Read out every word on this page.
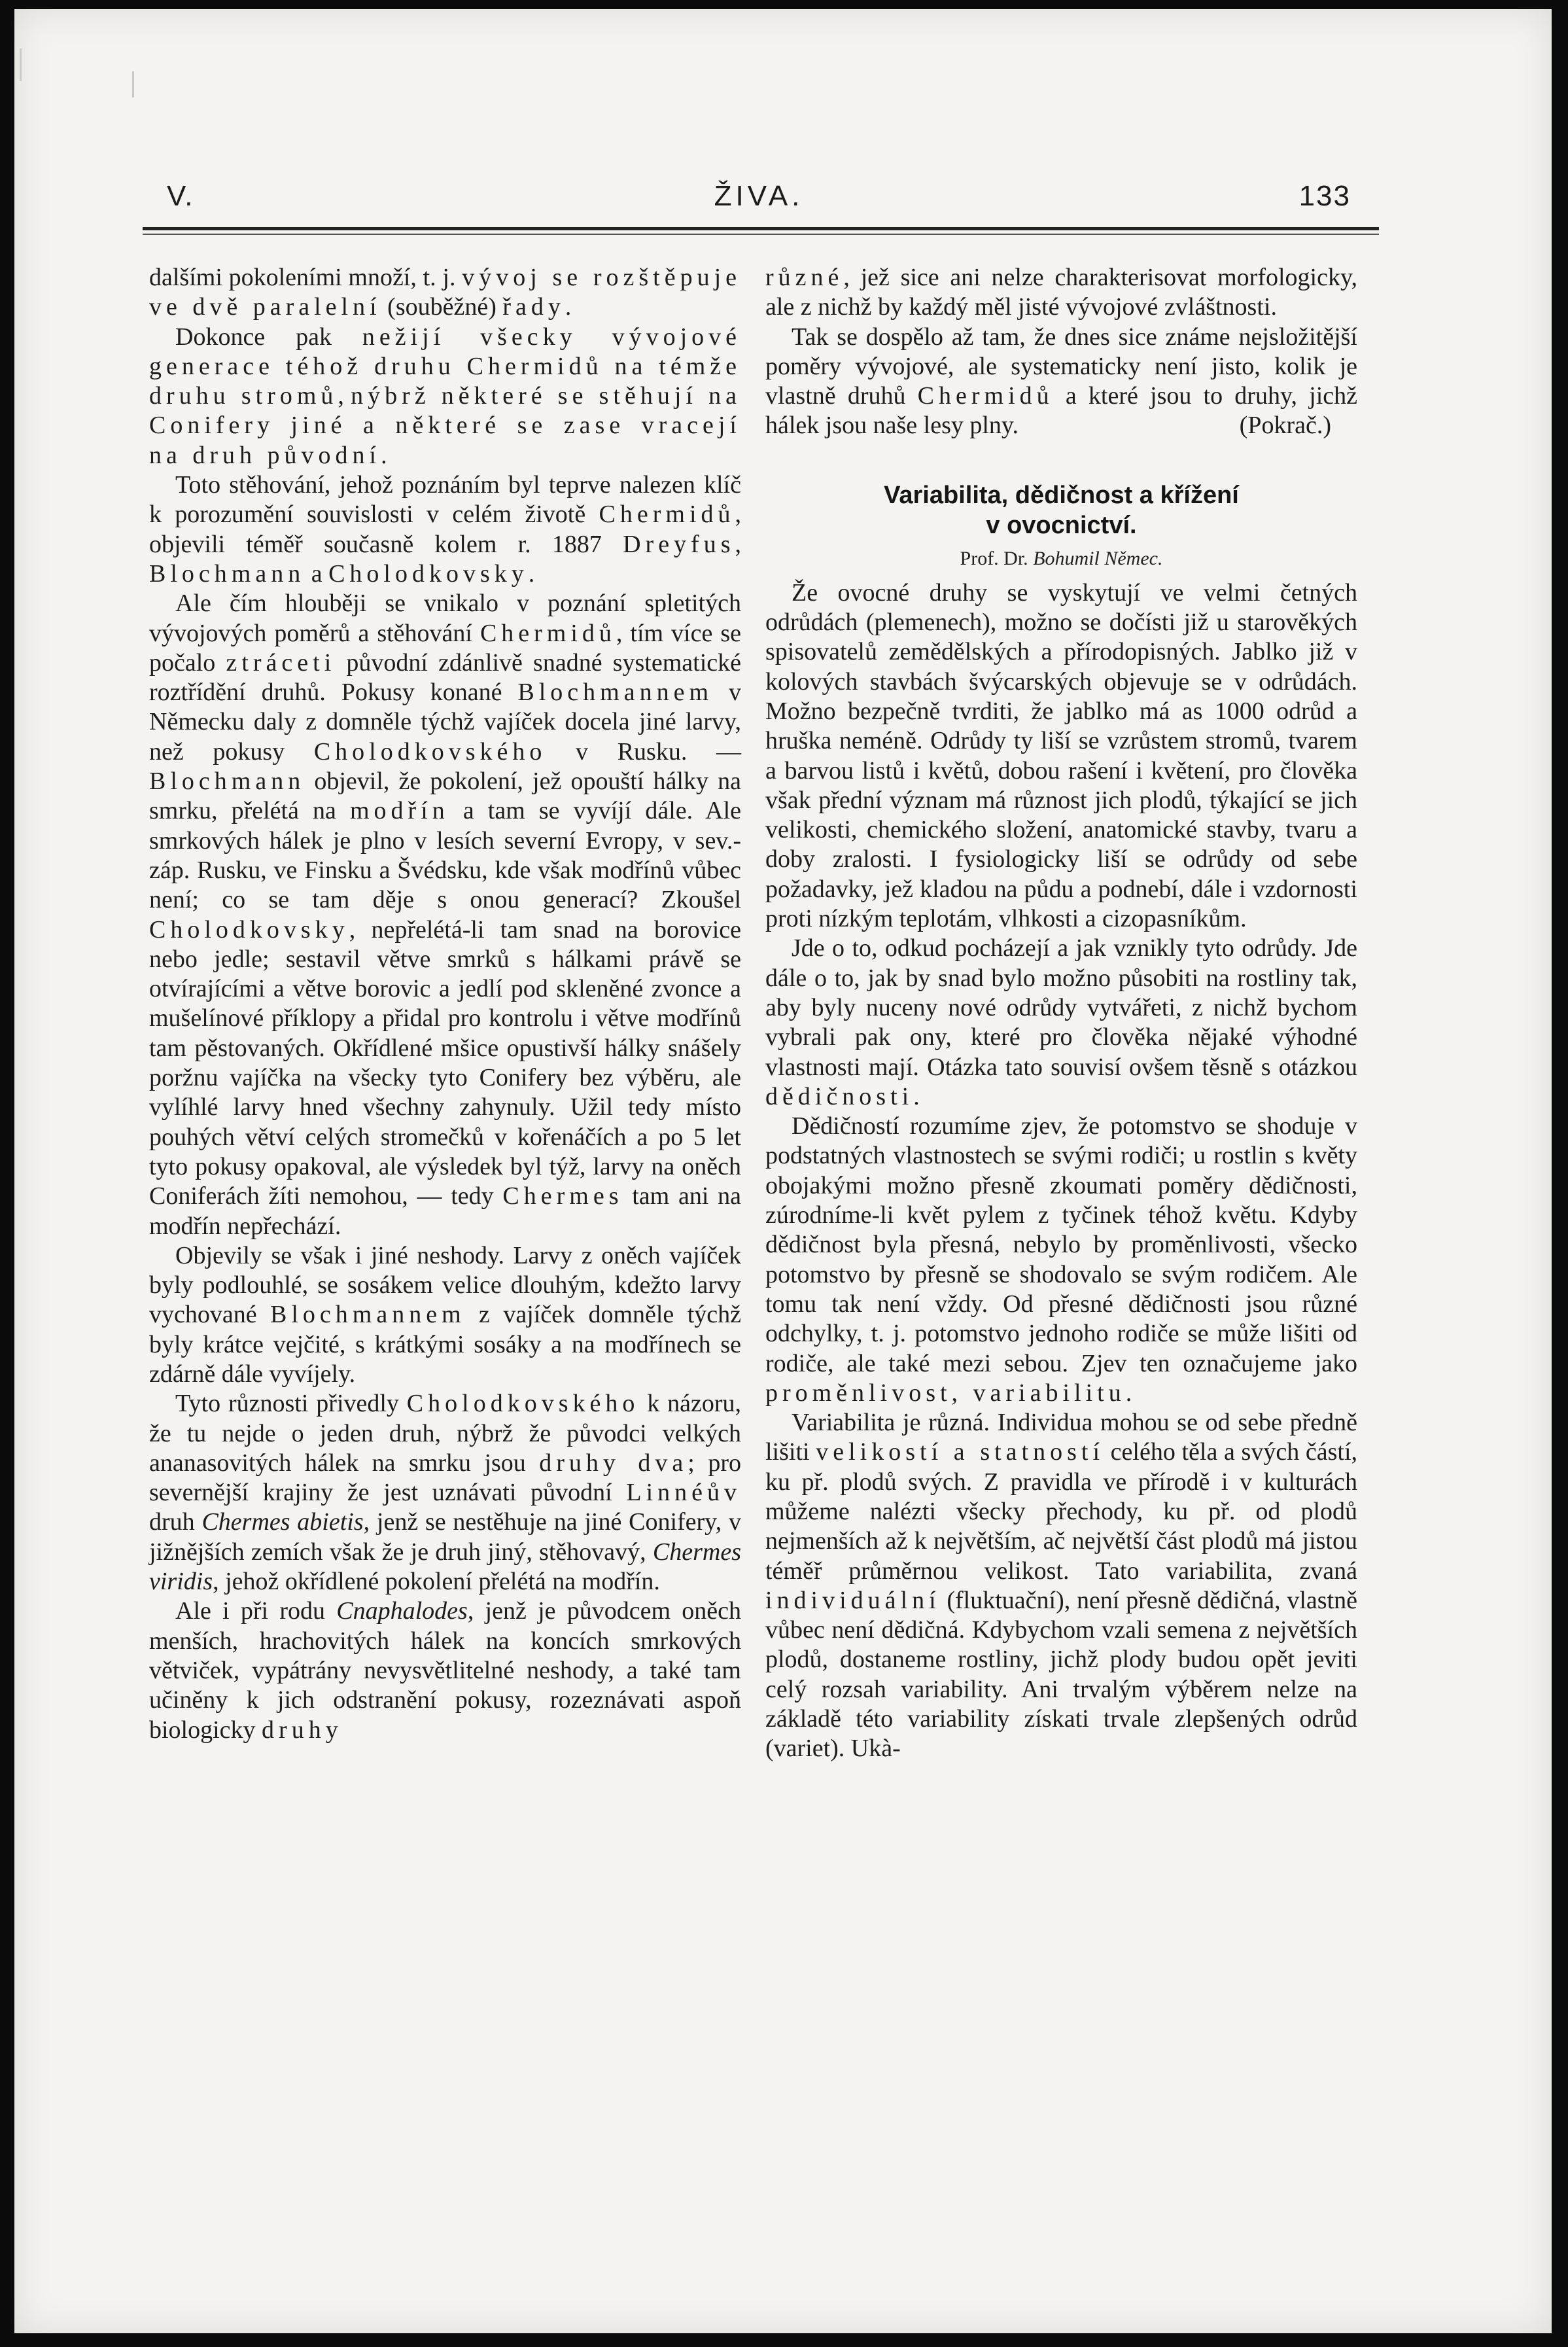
V.	ŽIVA.	133

dalšími pokoleními množí, t. j. vývoj se rozštěpuje ve dvě paralelní (souběžné) řady.

Dokonce pak nežijí všecky vývojové generace téhož druhu Chermidů na témže druhu stromů, nýbrž některé se stěhují na Conifery jiné a některé se zase vracejí na druh původní.

Toto stěhování, jehož poznáním byl teprve nalezen klíč k porozumění souvislosti v celém životě Chermidů, objevili téměř současně kolem r. 1887 Dreyfus, Blochmann a Cholodkovsky.

Ale čím hlouběji se vnikalo v poznání spletitých vývojových poměrů a stěhování Chermidů, tím více se počalo ztráceti původní zdánlivě snadné systematické roztřídění druhů. Pokusy konané Blochmannem v Německu daly z domněle týchž vajíček docela jiné larvy, než pokusy Cholodkovského v Rusku. — Blochmann objevil, že pokolení, jež opouští hálky na smrku, přelétá na modřín a tam se vyvíjí dále. Ale smrkových hálek je plno v lesích severní Evropy, v sev.-záp. Rusku, ve Finsku a Švédsku, kde však modřínů vůbec není; co se tam děje s onou generací? Zkoušel Cholodkovsky, nepřelétá-li tam snad na borovice nebo jedle; sestavil větve smrků s hálkami právě se otvírajícími a větve borovic a jedlí pod skleněné zvonce a mušelínové příklopy a přidal pro kontrolu i větve modřínů tam pěstovaných. Okřídlené mšice opustivší hálky snášely poržnu vajíčka na všecky tyto Conifery bez výběru, ale vylíhlé larvy hned všechny zahynuly. Užil tedy místo pouhých větví celých stromečků v kořenáčích a po 5 let tyto pokusy opakoval, ale výsledek byl týž, larvy na oněch Coniferách žíti nemohou, — tedy Chermes tam ani na modřín nepřechází.

Objevily se však i jiné neshody. Larvy z oněch vajíček byly podlouhlé, se sosákem velice dlouhým, kdežto larvy vychované Blochmannem z vajíček domněle týchž byly krátce vejčité, s krátkými sosáky a na modřínech se zdárně dále vyvíjely.

Tyto různosti přivedly Cholodkovského k názoru, že tu nejde o jeden druh, nýbrž že původci velkých ananasovitých hálek na smrku jsou druhy dva; pro severnější krajiny že jest uznávati původní Linnéův druh Chermes abietis, jenž se nestěhuje na jiné Conifery, v jižnějších zemích však že je druh jiný, stěhovavý, Chermes viridis, jehož okřídlené pokolení přelétá na modřín.

Ale i při rodu Cnaphalodes, jenž je původcem oněch menších, hrachovitých hálek na koncích smrkových větviček, vypátrány nevysvětlitelné neshody, a také tam učiněny k jich odstranění pokusy, rozeznávati aspoň biologicky druhy

různé, jež sice ani nelze charakterisovat morfologicky, ale z nichž by každý měl jisté vývojové zvláštnosti.

Tak se dospělo až tam, že dnes sice známe nejsložitější poměry vývojové, ale systematicky není jisto, kolik je vlastně druhů Chermidů a které jsou to druhy, jichž hálek jsou naše lesy plny.	(Pokrač.)

Variabilita, dědičnost a křížení
v ovocnictví.
Prof. Dr. Bohumil Němec.

Že ovocné druhy se vyskytují ve velmi četných odrůdách (plemenech), možno se dočísti již u starověkých spisovatelů zemědělských a přírodopisných. Jablko již v kolových stavbách švýcarských objevuje se v odrůdách. Možno bezpečně tvrditi, že jablko má as 1000 odrůd a hruška neméně. Odrůdy ty liší se vzrůstem stromů, tvarem a barvou listů i květů, dobou rašení i květení, pro člověka však přední význam má různost jich plodů, týkající se jich velikosti, chemického složení, anatomické stavby, tvaru a doby zralosti. I fysiologicky liší se odrůdy od sebe požadavky, jež kladou na půdu a podnebí, dále i vzdornosti proti nízkým teplotám, vlhkosti a cizopasníkům.

Jde o to, odkud pocházejí a jak vznikly tyto odrůdy. Jde dále o to, jak by snad bylo možno působiti na rostliny tak, aby byly nuceny nové odrůdy vytvářeti, z nichž bychom vybrali pak ony, které pro člověka nějaké výhodné vlastnosti mají. Otázka tato souvisí ovšem těsně s otázkou dědičnosti.

Dědičností rozumíme zjev, že potomstvo se shoduje v podstatných vlastnostech se svými rodiči; u rostlin s květy obojakými možno přesně zkoumati poměry dědičnosti, zúrodníme-li květ pylem z tyčinek téhož květu. Kdyby dědičnost byla přesná, nebylo by proměnlivosti, všecko potomstvo by přesně se shodovalo se svým rodičem. Ale tomu tak není vždy. Od přesné dědičnosti jsou různé odchylky, t. j. potomstvo jednoho rodiče se může lišiti od rodiče, ale také mezi sebou. Zjev ten označujeme jako proměnlivost, variabilitu.

Variabilita je různá. Individua mohou se od sebe předně lišiti velikostí a statností celého těla a svých částí, ku př. plodů svých. Z pravidla ve přírodě i v kulturách můžeme nalézti všecky přechody, ku př. od plodů nejmenších až k největším, ač největší část plodů má jistou téměř průměrnou velikost. Tato variabilita, zvaná individuální (fluktuační), není přesně dědičná, vlastně vůbec není dědičná. Kdybychom vzali semena z největších plodů, dostaneme rostliny, jichž plody budou opět jeviti celý rozsah variability. Ani trvalým výběrem nelze na základě této variability získati trvale zlepšených odrůd (variet). Ukà-
